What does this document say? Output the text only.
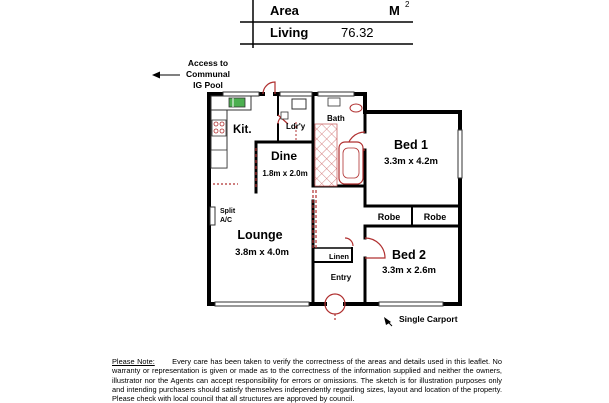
Area	M 2
Living	76.32
Access to
Communal
IG Pool
Kit.	Ldr'y
Bath
Bed 1
3.3m x 4.2m
Dine
1.8m x 2.0m
Split
A/C
Lounge
3.8m x 4.0m
Robe	Robe
Linen	Bed 2
3.3m x 2.6m
Entry
Single Carport
Please Note: Every care has been taken to verify the correctness of the areas and details used in this leaflet. No warranty or representation is given or made as to the correctness of the information supplied and neither the owners, illustrator nor the Agents can accept responsibility for errors or omissions. The sketch is for illustration purposes only and intending purchasers should satisfy themselves independently regarding sizes, layout and location of the property. Please check with local council that all structures are approved by council.
